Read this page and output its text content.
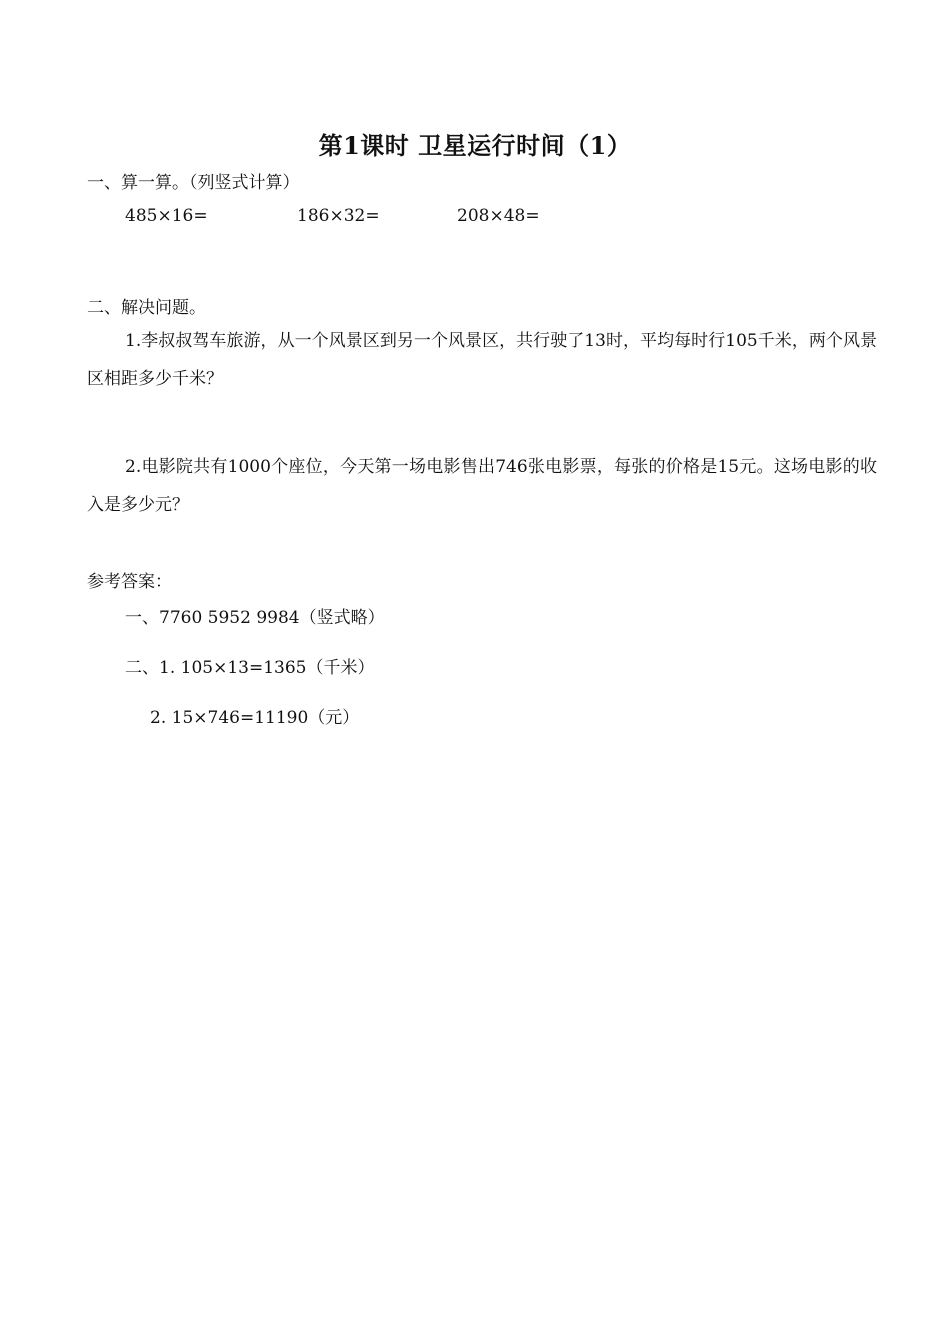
第1课时 卫星运行时间（1）
一、算一算。（列竖式计算）
485×16=	186×32=	208×48=
二、解决问题。
1.李叔叔驾车旅游，从一个风景区到另一个风景区，共行驶了13时，平均每时行105千米，两个风景区相距多少千米？
2.电影院共有1000个座位，今天第一场电影售出746张电影票，每张的价格是15元。这场电影的收入是多少元？
参考答案：
一、7760 5952 9984（竖式略）
二、1. 105×13=1365（千米）
2. 15×746=11190（元）
